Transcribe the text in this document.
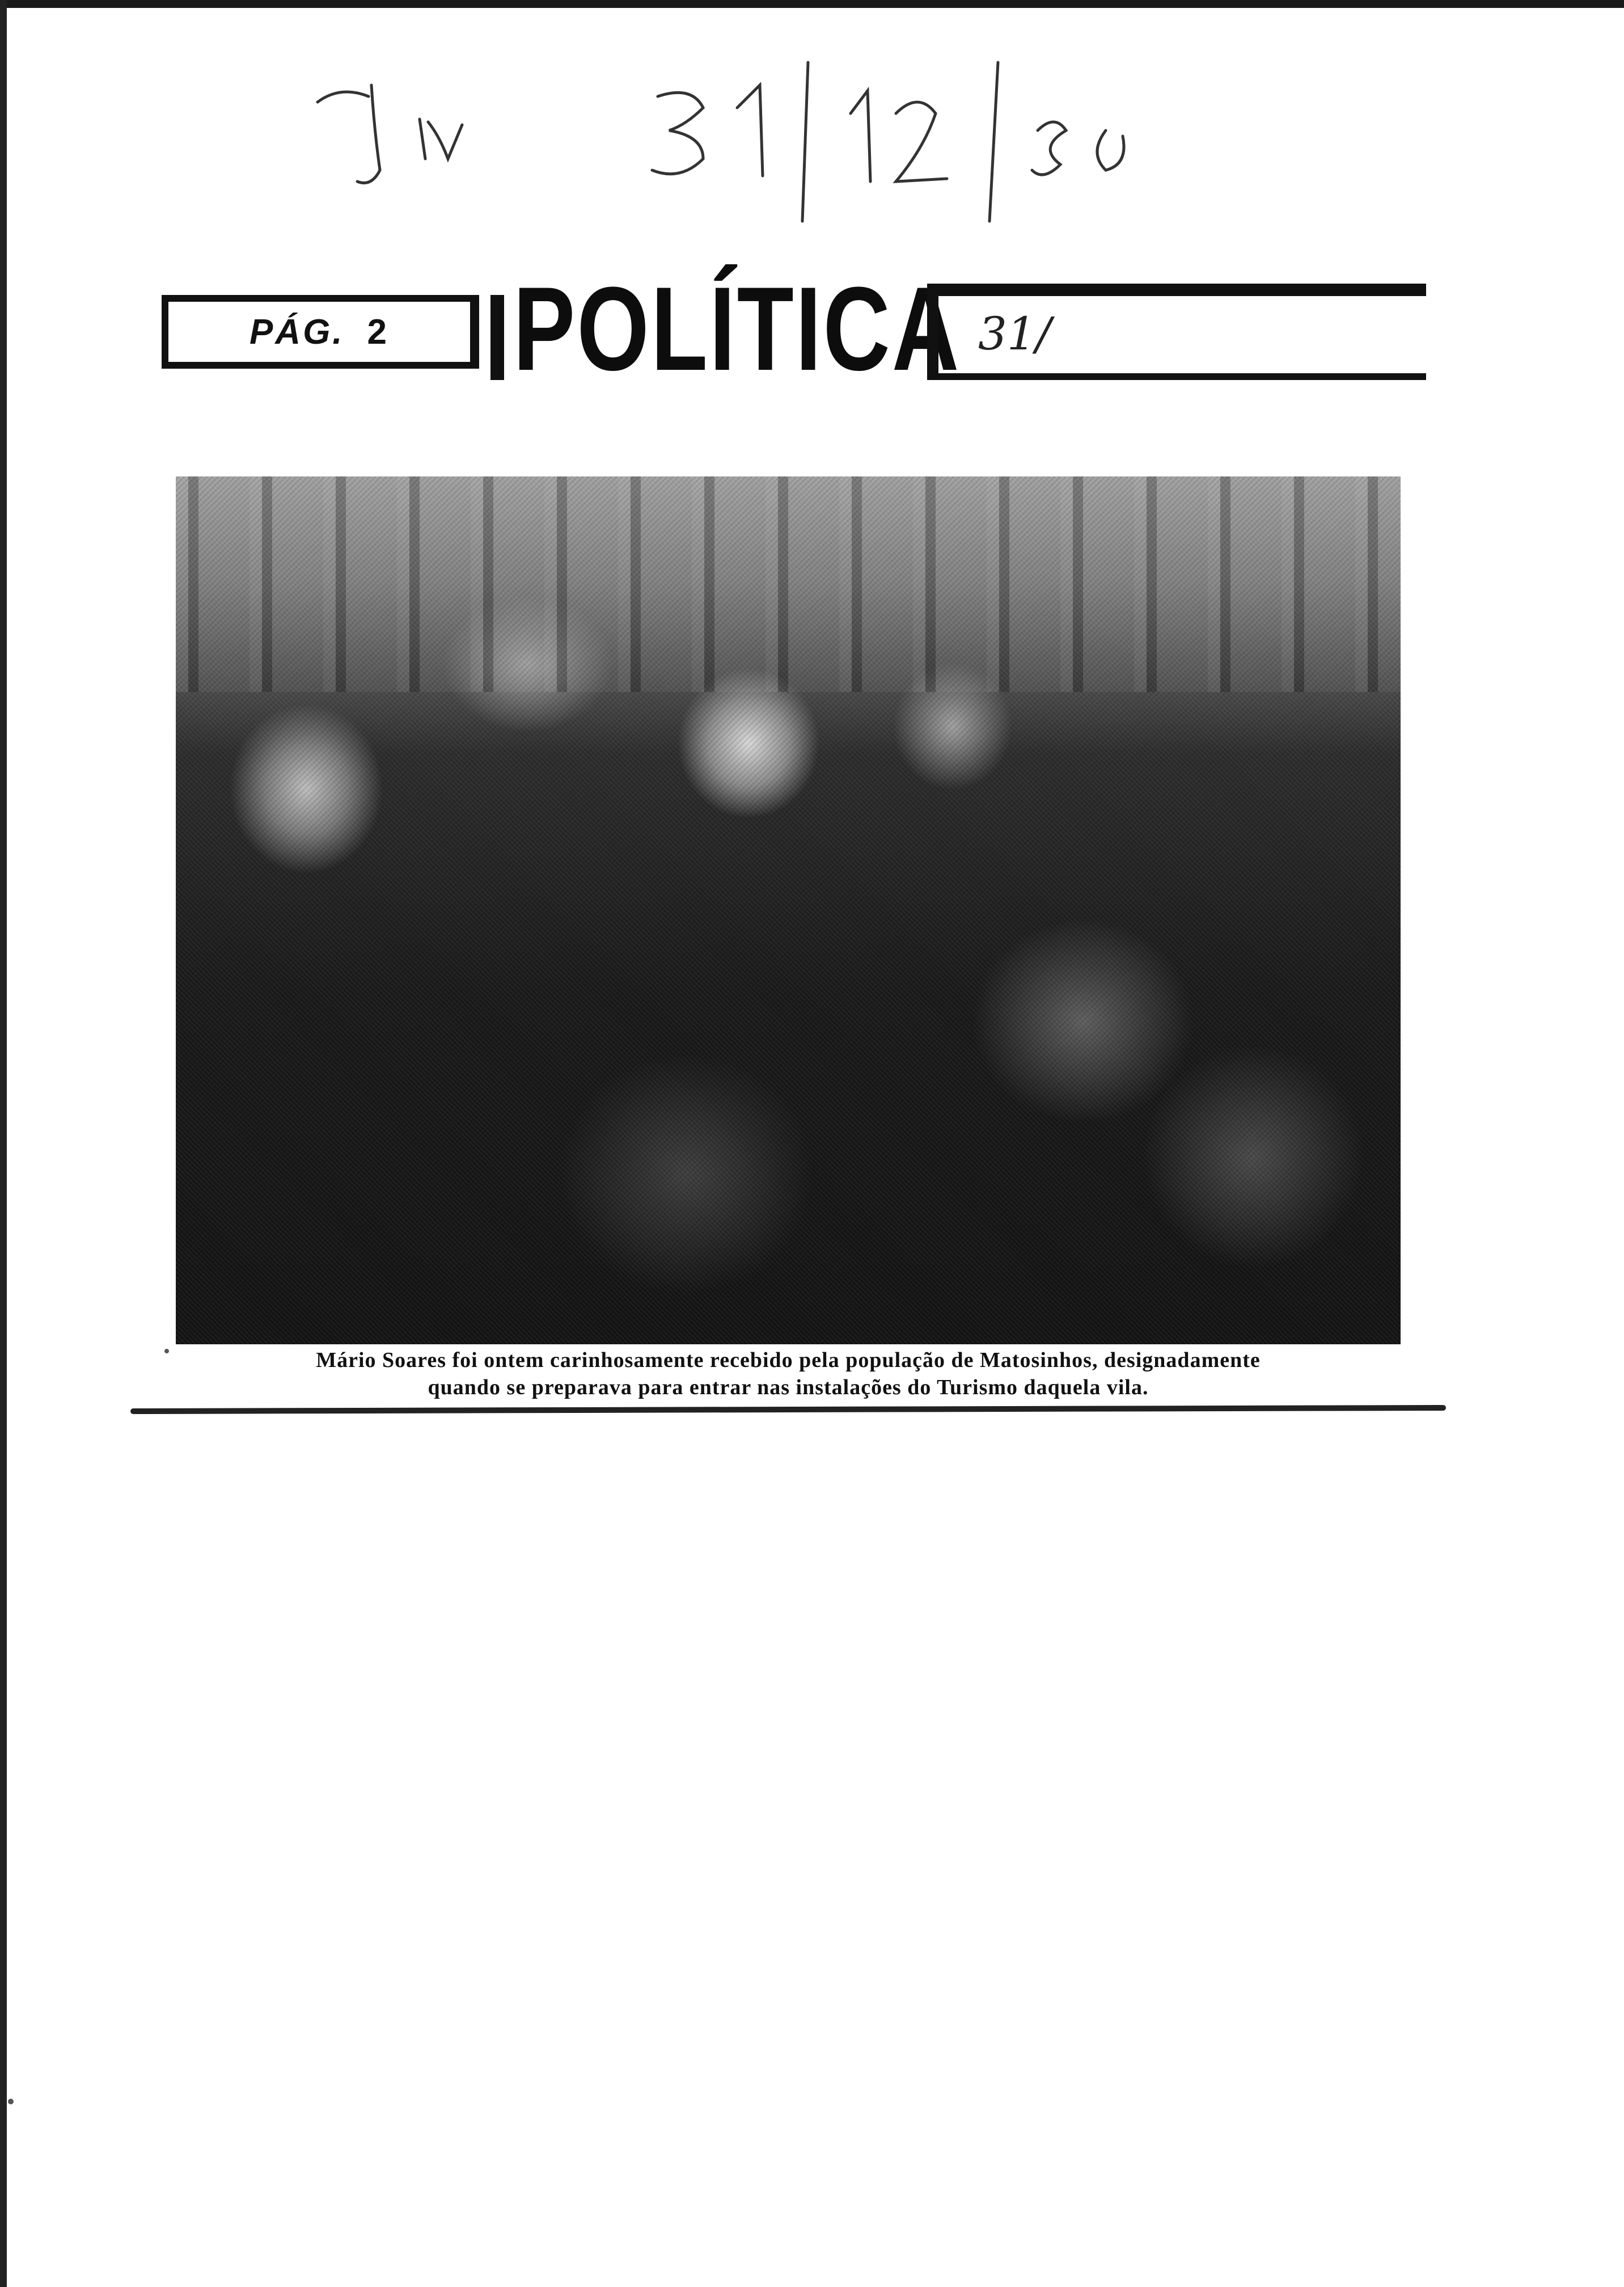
PÁG. 2 POLÍTICA 31/
Mário Soares foi ontem carinhosamente recebido pela população de Matosinhos, designadamente
quando se preparava para entrar nas instalações do Turismo daquela vila.
